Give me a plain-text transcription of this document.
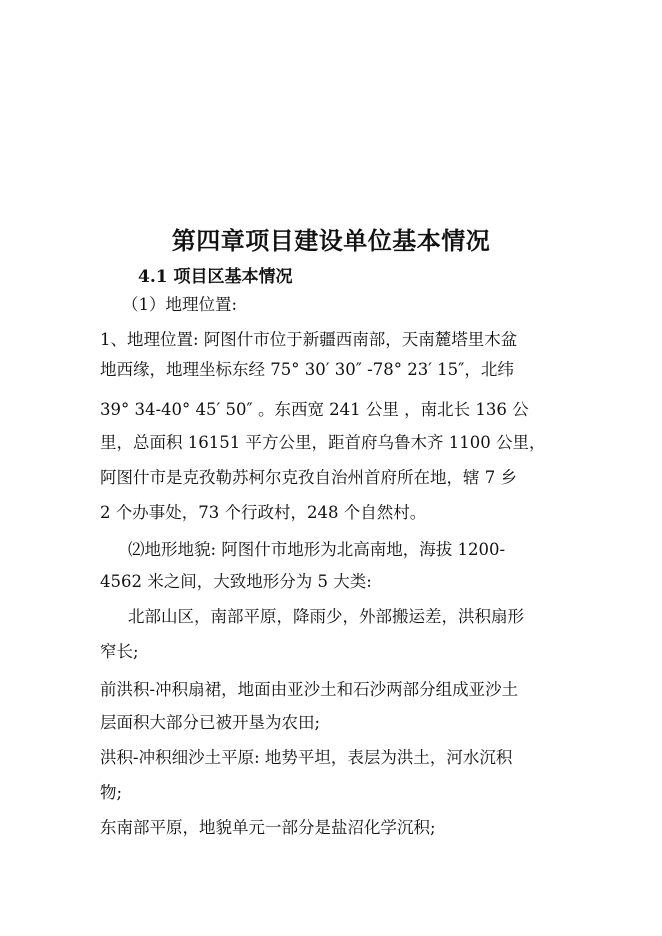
第四章项目建设单位基本情况
4.1 项目区基本情况
（1）地理位置:
1、地理位置: 阿图什市位于新疆西南部，天南麓塔里木盆
地西缘，地理坐标东经 75° 30′ 30″ -78° 23′ 15″，北纬
39° 34-40° 45′ 50″ 。东西宽 241 公里 ，南北长 136 公
里，总面积 16151 平方公里，距首府乌鲁木齐 1100 公里，
阿图什市是克孜勒苏柯尔克孜自治州首府所在地，辖 7 乡
2 个办事处，73 个行政村，248 个自然村。
⑵地形地貌: 阿图什市地形为北高南地，海拔 1200-
4562 米之间，大致地形分为 5 大类:
北部山区，南部平原，降雨少，外部搬运差，洪积扇形
窄长;
前洪积-冲积扇裙，地面由亚沙土和石沙两部分组成亚沙土
层面积大部分已被开垦为农田;
洪积-冲积细沙土平原: 地势平坦，表层为洪土，河水沉积
物;
东南部平原，地貌单元一部分是盐沼化学沉积;
